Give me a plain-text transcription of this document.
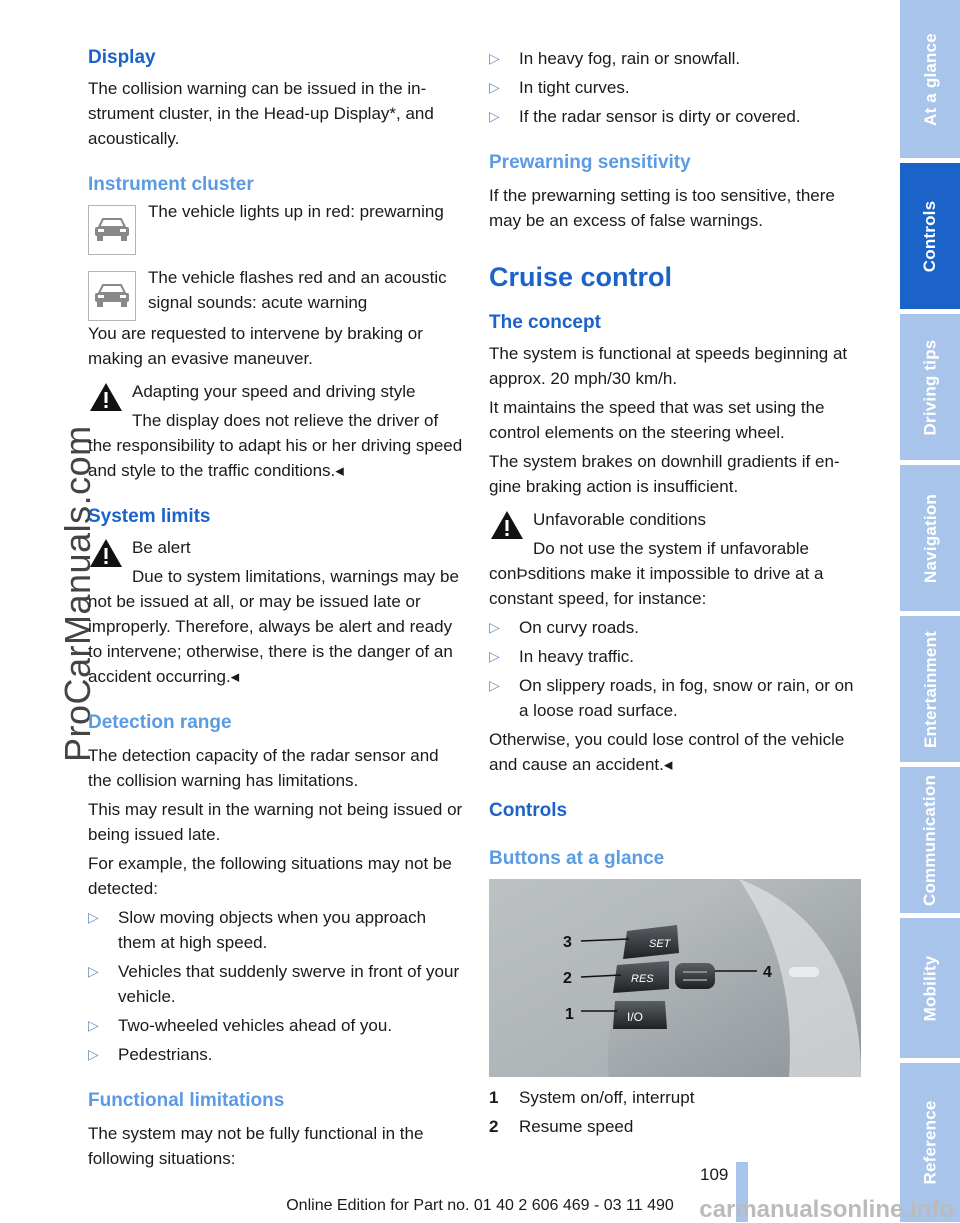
ProCarManuals.com
Display

The collision warning can be issued in the instrument cluster, in the Head-up Display*, and acoustically.

Instrument cluster

The vehicle lights up in red: prewarning

The vehicle flashes red and an acoustic signal sounds: acute warning

You are requested to intervene by braking or making an evasive maneuver.

Adapting your speed and driving style

The display does not relieve the driver of the responsibility to adapt his or her driving speed and style to the traffic conditions.◂

System limits

Be alert

Due to system limitations, warnings may be not be issued at all, or may be issued late or improperly. Therefore, always be alert and ready to intervene; otherwise, there is the danger of an accident occurring.◂

Detection range

The detection capacity of the radar sensor and the collision warning has limitations.

This may result in the warning not being issued or being issued late.

For example, the following situations may not be detected:

▷ Slow moving objects when you approach them at high speed.
▷ Vehicles that suddenly swerve in front of your vehicle.
▷ Two-wheeled vehicles ahead of you.
▷ Pedestrians.
Functional limitations

The system may not be fully functional in the following situations:

▷ In heavy fog, rain or snowfall.
▷ In tight curves.
▷ If the radar sensor is dirty or covered.
Prewarning sensitivity

If the prewarning setting is too sensitive, there may be an excess of false warnings.

Cruise control
The concept

The system is functional at speeds beginning at approx. 20 mph/30 km/h.

It maintains the speed that was set using the control elements on the steering wheel.

The system brakes on downhill gradients if engine braking action is insufficient.

Unfavorable conditions

Do not use the system if unfavorable conÞsditions make it impossible to drive at a constant speed, for instance:

▷ On curvy roads.
▷ In heavy traffic.
▷ On slippery roads, in fog, snow or rain, or on a loose road surface.

Otherwise, you could lose control of the vehicle and cause an accident.◂

Controls
Buttons at a glance
SET
RES
I/O
3
2
1
4
1 System on/off, interrupt
2 Resume speed
At a glance
Controls
Driving tips
Navigation
Entertainment
Communication
Mobility
Reference
109
Online Edition for Part no. 01 40 2 606 469 - 03 11 490 carmanualsonline.info
